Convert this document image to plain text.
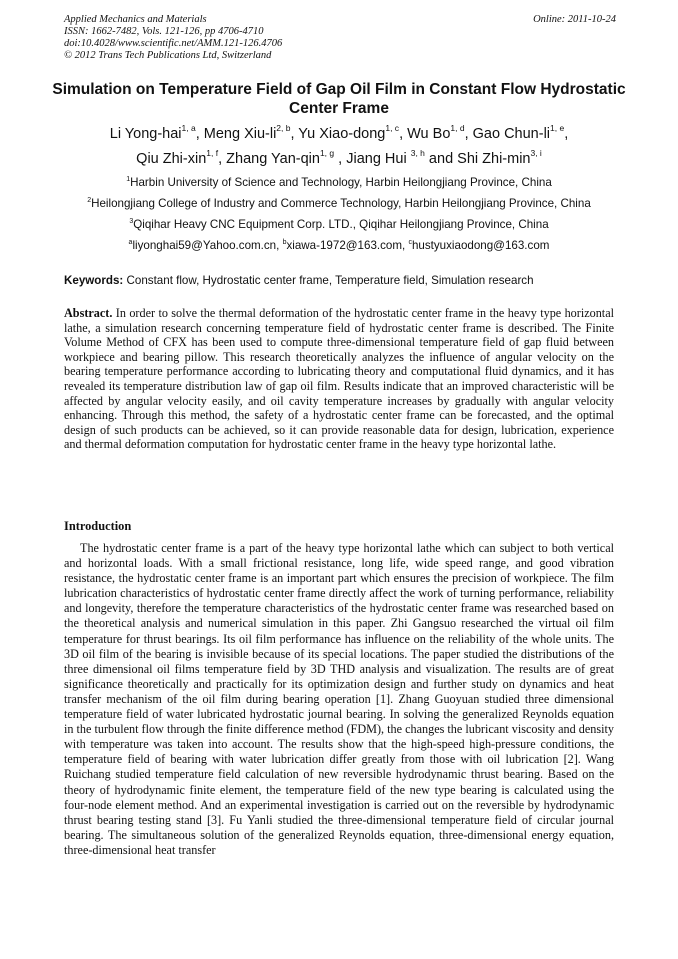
Applied Mechanics and Materials
ISSN: 1662-7482, Vols. 121-126, pp 4706-4710
doi:10.4028/www.scientific.net/AMM.121-126.4706
© 2012 Trans Tech Publications Ltd, Switzerland
Online: 2011-10-24
Simulation on Temperature Field of Gap Oil Film in Constant Flow Hydrostatic Center Frame
Li Yong-hai$^{1, a}$, Meng Xiu-li$^{2, b}$, Yu Xiao-dong$^{1, c}$, Wu Bo$^{1, d}$, Gao Chun-li$^{1, e}$,
Qiu Zhi-xin$^{1, f}$, Zhang Yan-qin$^{1, g}$ , Jiang Hui $^{3, h}$ and Shi Zhi-$\min^{3, i}$
$^1$Harbin University of Science and Technology, Harbin Heilongjiang Province, China
$^2$Heilongjiang College of Industry and Commerce Technology, Harbin Heilongjiang Province, China
$^3$Qiqihar Heavy CNC Equipment Corp. LTD., Qiqihar Heilongjiang Province, China
$^a$liyonghai59@Yahoo.com.cn, $^b$xiawa-1972@163.com, $^c$hustyuxiaodong@163.com
Keywords: Constant flow, Hydrostatic center frame, Temperature field, Simulation research
Abstract. In order to solve the thermal deformation of the hydrostatic center frame in the heavy type horizontal lathe, a simulation research concerning temperature field of hydrostatic center frame is described. The Finite Volume Method of CFX has been used to compute three-dimensional temperature field of gap fluid between workpiece and bearing pillow. This research theoretically analyzes the influence of angular velocity on the bearing temperature performance according to lubricating theory and computational fluid dynamics, and it has revealed its temperature distribution law of gap oil film. Results indicate that an improved characteristic will be affected by angular velocity easily, and oil cavity temperature increases by gradually with angular velocity enhancing. Through this method, the safety of a hydrostatic center frame can be forecasted, and the optimal design of such products can be achieved, so it can provide reasonable data for design, lubrication, experience and thermal deformation computation for hydrostatic center frame in the heavy type horizontal lathe.
Introduction
The hydrostatic center frame is a part of the heavy type horizontal lathe which can subject to both vertical and horizontal loads. With a small frictional resistance, long life, wide speed range, and good vibration resistance, the hydrostatic center frame is an important part which ensures the precision of workpiece. The film lubrication characteristics of hydrostatic center frame directly affect the work of turning performance, reliability and longevity, therefore the temperature characteristics of the hydrostatic center frame was researched based on the theoretical analysis and numerical simulation in this paper. Zhi Gangsuo researched the virtual oil film temperature for thrust bearings. Its oil film performance has influence on the reliability of the whole units. The 3D oil film of the bearing is invisible because of its special locations. The paper studied the distributions of the three dimensional oil films temperature field by 3D THD analysis and visualization. The results are of great significance theoretically and practically for its optimization design and further study on dynamics and heat transfer mechanism of the oil film during bearing operation [1]. Zhang Guoyuan studied three dimensional temperature field of water lubricated hydrostatic journal bearing. In solving the generalized Reynolds equation in the turbulent flow through the finite difference method (FDM), the changes the lubricant viscosity and density with temperature was taken into account. The results show that the high-speed high-pressure conditions, the temperature field of bearing with water lubrication differ greatly from those with oil lubrication [2]. Wang Ruichang studied temperature field calculation of new reversible hydrodynamic thrust bearing. Based on the theory of hydrodynamic finite element, the temperature field of the new type bearing is calculated using the four-node element method. And an experimental investigation is carried out on the reversible by hydrodynamic thrust bearing testing stand [3]. Fu Yanli studied the three-dimensional temperature field of circular journal bearing. The simultaneous solution of the generalized Reynolds equation, three-dimensional energy equation, three-dimensional heat transfer
